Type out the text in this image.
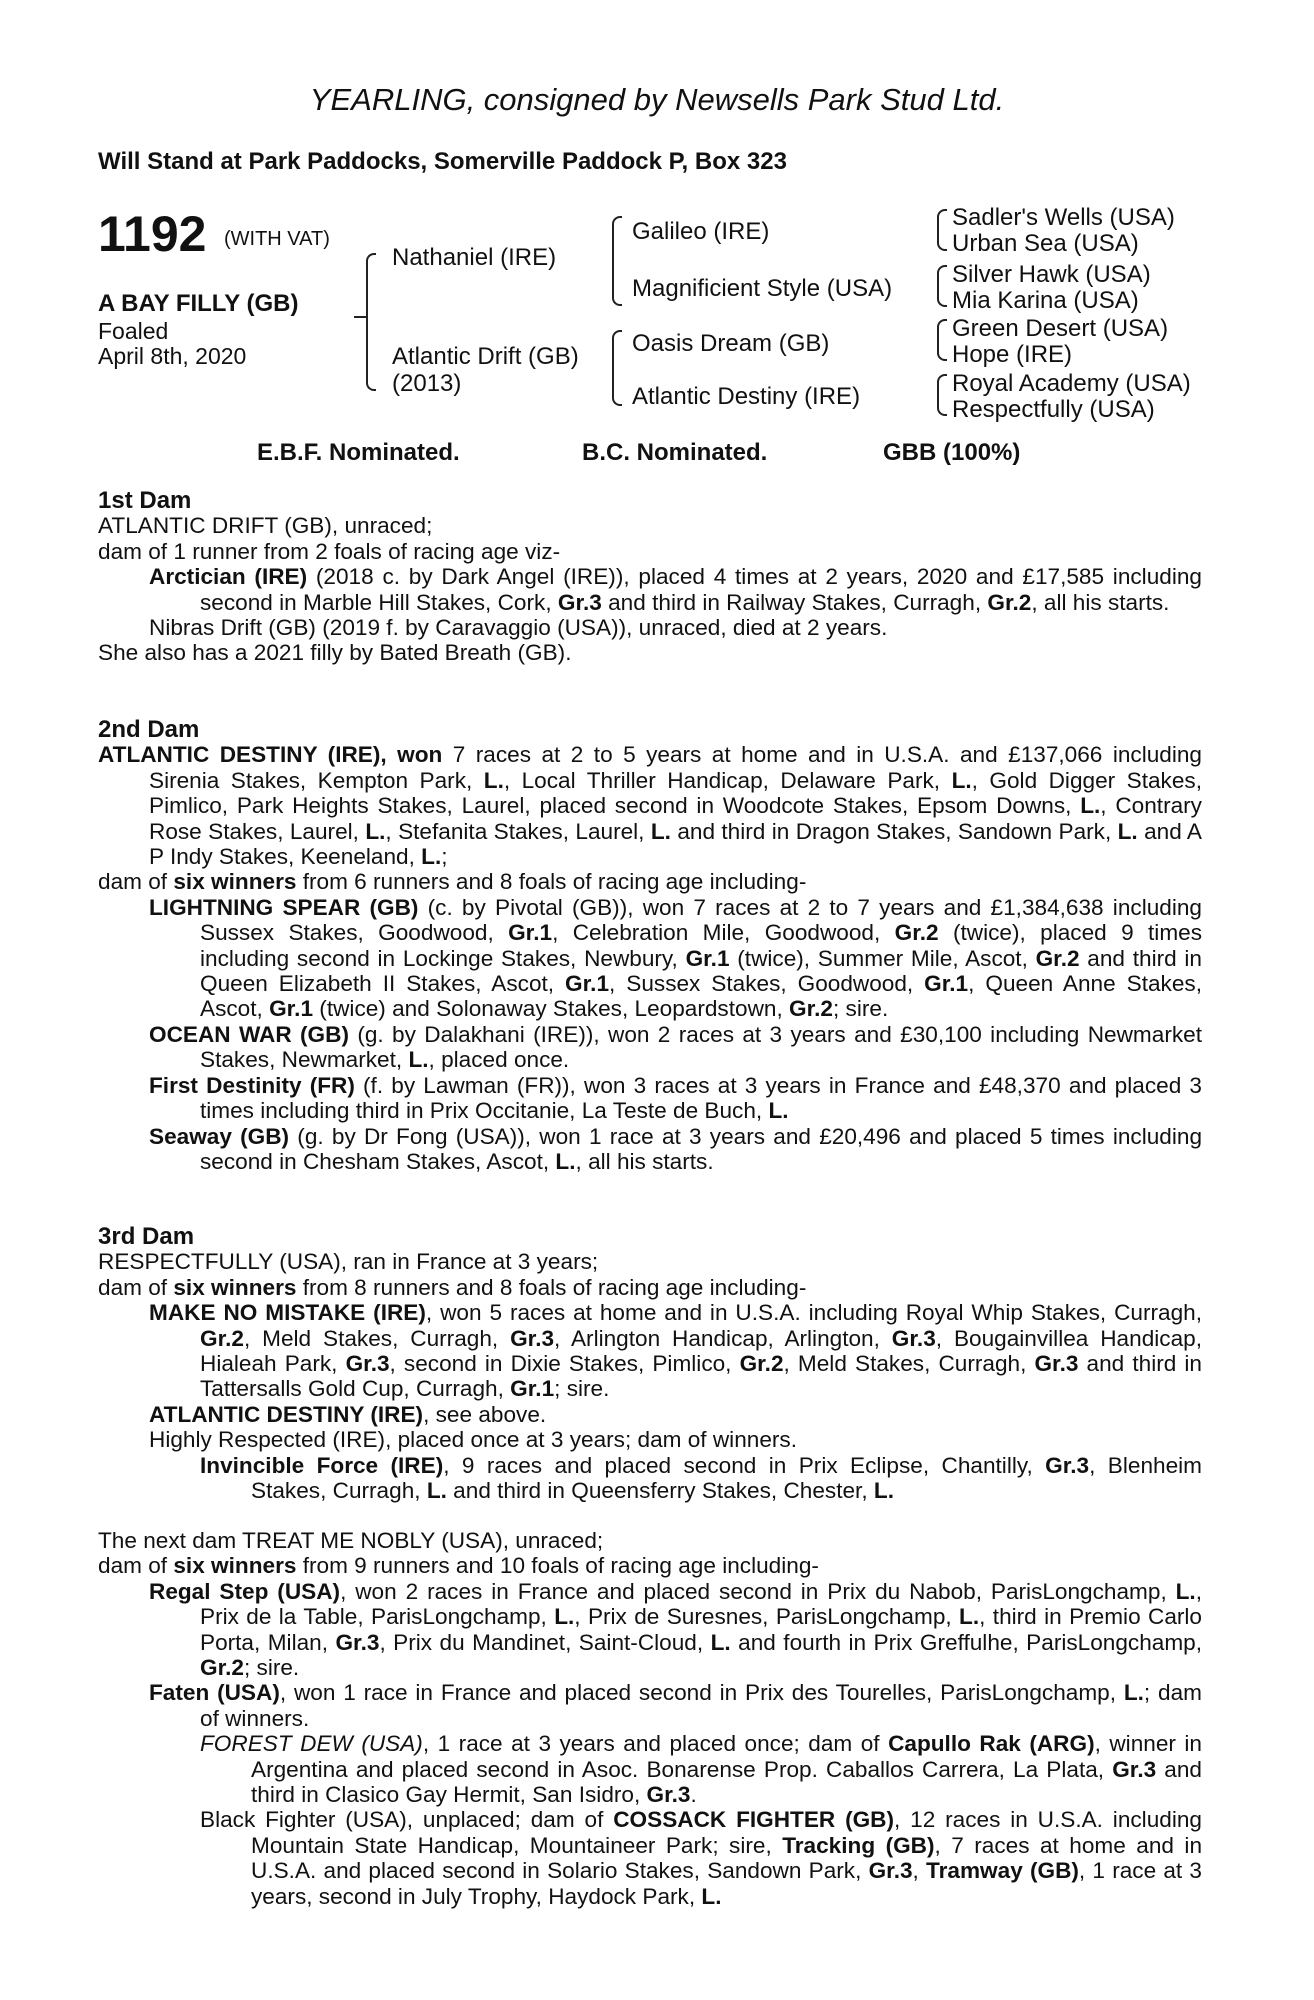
YEARLING, consigned by Newsells Park Stud Ltd.
Will Stand at Park Paddocks, Somerville Paddock P, Box 323
1192 (WITH VAT)
A BAY FILLY (GB)
Foaled
April 8th, 2020
Nathaniel (IRE)
Atlantic Drift (GB)
(2013)
Galileo (IRE)
Magnificient Style (USA)
Oasis Dream (GB)
Atlantic Destiny (IRE)
Sadler's Wells (USA)
Urban Sea (USA)
Silver Hawk (USA)
Mia Karina (USA)
Green Desert (USA)
Hope (IRE)
Royal Academy (USA)
Respectfully (USA)
E.B.F. Nominated.	B.C. Nominated.	GBB (100%)

1st Dam

ATLANTIC DRIFT (GB), unraced;

dam of 1 runner from 2 foals of racing age viz-

Arctician (IRE) (2018 c. by Dark Angel (IRE)), placed 4 times at 2 years, 2020 and £17,585 including second in Marble Hill Stakes, Cork, Gr.3 and third in Railway Stakes, Curragh, Gr.2, all his starts.

Nibras Drift (GB) (2019 f. by Caravaggio (USA)), unraced, died at 2 years.

She also has a 2021 filly by Bated Breath (GB).

2nd Dam

ATLANTIC DESTINY (IRE), won 7 races at 2 to 5 years at home and in U.S.A. and £137,066 including Sirenia Stakes, Kempton Park, L., Local Thriller Handicap, Delaware Park, L., Gold Digger Stakes, Pimlico, Park Heights Stakes, Laurel, placed second in Woodcote Stakes, Epsom Downs, L., Contrary Rose Stakes, Laurel, L., Stefanita Stakes, Laurel, L. and third in Dragon Stakes, Sandown Park, L. and A P Indy Stakes, Keeneland, L.;

dam of six winners from 6 runners and 8 foals of racing age including-

LIGHTNING SPEAR (GB) (c. by Pivotal (GB)), won 7 races at 2 to 7 years and £1,384,638 including Sussex Stakes, Goodwood, Gr.1, Celebration Mile, Goodwood, Gr.2 (twice), placed 9 times including second in Lockinge Stakes, Newbury, Gr.1 (twice), Summer Mile, Ascot, Gr.2 and third in Queen Elizabeth II Stakes, Ascot, Gr.1, Sussex Stakes, Goodwood, Gr.1, Queen Anne Stakes, Ascot, Gr.1 (twice) and Solonaway Stakes, Leopardstown, Gr.2; sire.

OCEAN WAR (GB) (g. by Dalakhani (IRE)), won 2 races at 3 years and £30,100 including Newmarket Stakes, Newmarket, L., placed once.

First Destinity (FR) (f. by Lawman (FR)), won 3 races at 3 years in France and £48,370 and placed 3 times including third in Prix Occitanie, La Teste de Buch, L.

Seaway (GB) (g. by Dr Fong (USA)), won 1 race at 3 years and £20,496 and placed 5 times including second in Chesham Stakes, Ascot, L., all his starts.

3rd Dam

RESPECTFULLY (USA), ran in France at 3 years;

dam of six winners from 8 runners and 8 foals of racing age including-

MAKE NO MISTAKE (IRE), won 5 races at home and in U.S.A. including Royal Whip Stakes, Curragh, Gr.2, Meld Stakes, Curragh, Gr.3, Arlington Handicap, Arlington, Gr.3, Bougainvillea Handicap, Hialeah Park, Gr.3, second in Dixie Stakes, Pimlico, Gr.2, Meld Stakes, Curragh, Gr.3 and third in Tattersalls Gold Cup, Curragh, Gr.1; sire.

ATLANTIC DESTINY (IRE), see above.

Highly Respected (IRE), placed once at 3 years; dam of winners.

Invincible Force (IRE), 9 races and placed second in Prix Eclipse, Chantilly, Gr.3, Blenheim Stakes, Curragh, L. and third in Queensferry Stakes, Chester, L.

The next dam TREAT ME NOBLY (USA), unraced;

dam of six winners from 9 runners and 10 foals of racing age including-

Regal Step (USA), won 2 races in France and placed second in Prix du Nabob, ParisLongchamp, L., Prix de la Table, ParisLongchamp, L., Prix de Suresnes, ParisLongchamp, L., third in Premio Carlo Porta, Milan, Gr.3, Prix du Mandinet, Saint-Cloud, L. and fourth in Prix Greffulhe, ParisLongchamp, Gr.2; sire.

Faten (USA), won 1 race in France and placed second in Prix des Tourelles, ParisLongchamp, L.; dam of winners.

FOREST DEW (USA), 1 race at 3 years and placed once; dam of Capullo Rak (ARG), winner in Argentina and placed second in Asoc. Bonarense Prop. Caballos Carrera, La Plata, Gr.3 and third in Clasico Gay Hermit, San Isidro, Gr.3.

Black Fighter (USA), unplaced; dam of COSSACK FIGHTER (GB), 12 races in U.S.A. including Mountain State Handicap, Mountaineer Park; sire, Tracking (GB), 7 races at home and in U.S.A. and placed second in Solario Stakes, Sandown Park, Gr.3, Tramway (GB), 1 race at 3 years, second in July Trophy, Haydock Park, L.
